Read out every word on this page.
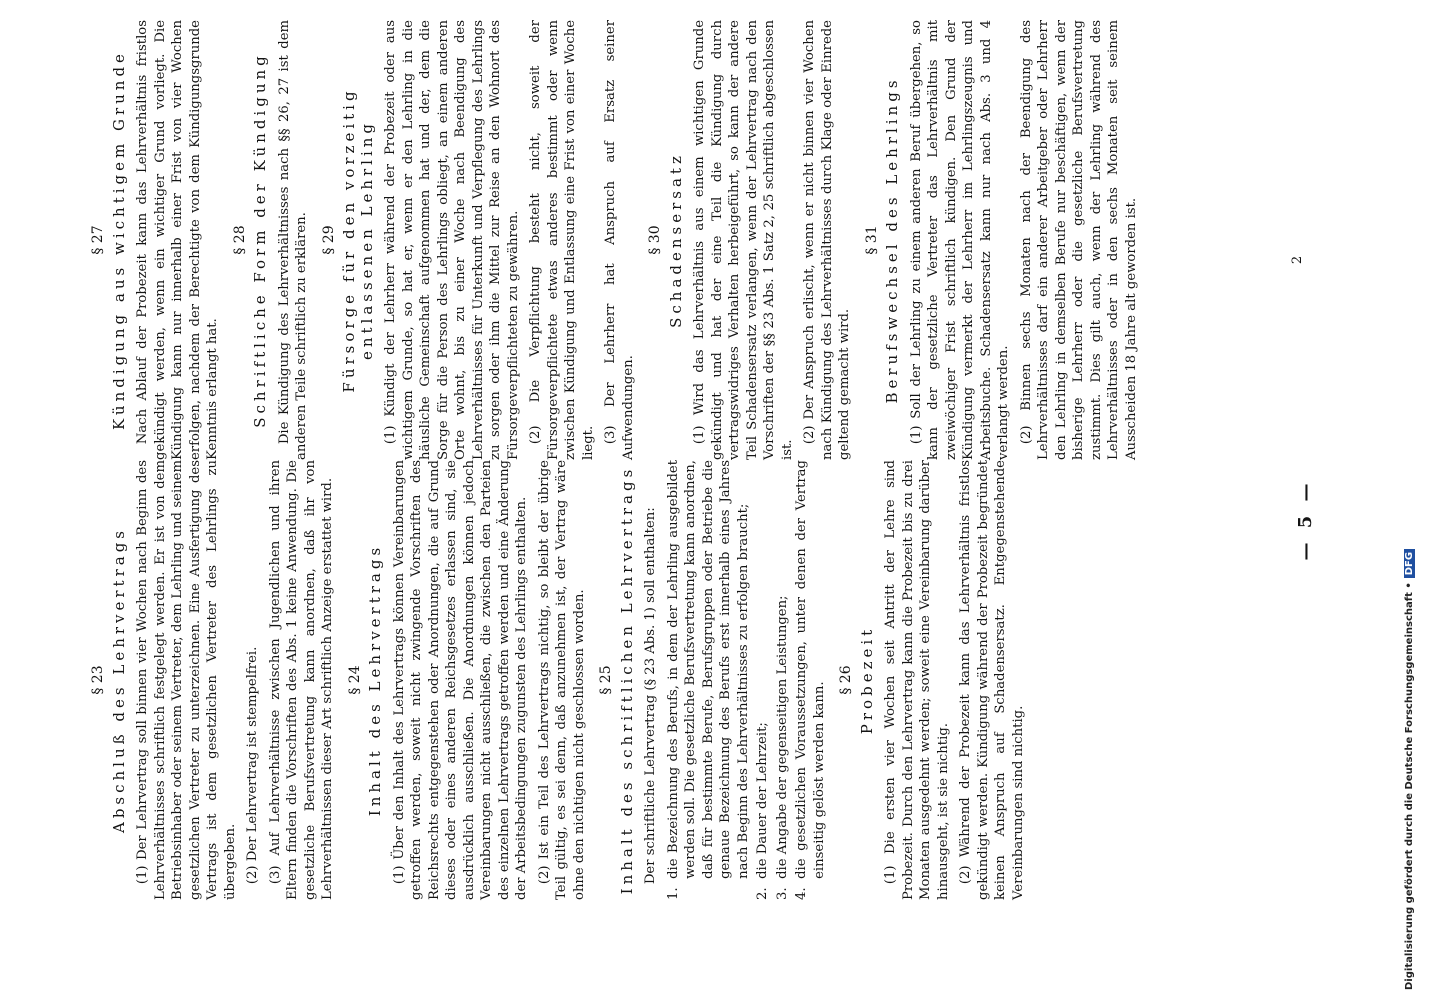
— 5 —
§ 23 Abschluß des Lehrvertrags (1) Der Lehrvertrag soll binnen vier Wochen nach Beginn des Lehrverhältnisses schriftlich festgelegt werden. Er ist von dem Betriebsinhaber oder seinem Vertreter, dem Lehrling und seinem gesetzlichen Vertreter zu unterzeichnen. Eine Ausfertigung des Vertrags ist dem gesetzlichen Vertreter des Lehrlings zu übergeben. (2) Der Lehrvertrag ist stempelfrei. (3) Auf Lehrverhältnisse zwischen Jugendlichen und ihren Eltern finden die Vorschriften des Abs. 1 keine Anwendung. Die gesetzliche Berufsvertretung kann anordnen, daß ihr von Lehrverhältnissen dieser Art schriftlich Anzeige erstattet wird. § 24 Inhalt des Lehrvertrags (1) Über den Inhalt des Lehrvertrags können Vereinbarungen getroffen werden, soweit nicht zwingende Vorschriften des Reichsrechts entgegenstehen oder Anordnungen, die auf Grund dieses oder eines anderen Reichsgesetzes erlassen sind, sie ausdrücklich ausschließen. Die Anordnungen können jedoch Vereinbarungen nicht ausschließen, die zwischen den Parteien des einzelnen Lehrvertrags getroffen werden und eine Änderung der Arbeitsbedingungen zugunsten des Lehrlings enthalten. (2) Ist ein Teil des Lehrvertrags nichtig, so bleibt der übrige Teil gültig, es sei denn, daß anzunehmen ist, der Vertrag wäre ohne den nichtigen nicht geschlossen worden. § 25 Inhalt des schriftlichen Lehrvertrags Der schriftliche Lehrvertrag (§ 23 Abs. 1) soll enthalten:

1.
die Bezeichnung des Berufs, in dem der Lehrling ausgebildet werden soll. Die gesetzliche Berufsvertretung kann anordnen, daß für bestimmte Berufe, Berufsgruppen oder Betriebe die genaue Bezeichnung des Berufs erst innerhalb eines Jahres nach Beginn des Lehrverhältnisses zu erfolgen braucht;
2.
die Dauer der Lehrzeit;
3.
die Angabe der gegenseitigen Leistungen;
4.
die gesetzlichen Voraussetzungen, unter denen der Vertrag einseitig gelöst werden kann.
§ 26 Probezeit (1) Die ersten vier Wochen seit Antritt der Lehre sind Probezeit. Durch den Lehrvertrag kann die Probezeit bis zu drei Monaten ausgedehnt werden; soweit eine Vereinbarung darüber hinausgeht, ist sie nichtig. (2) Während der Probezeit kann das Lehrverhältnis fristlos gekündigt werden. Kündigung während der Probezeit begründet keinen Anspruch auf Schadensersatz. Entgegenstehende Vereinbarungen sind nichtig.

§ 27 Kündigung aus wichtigem Grunde Nach Ablauf der Probezeit kann das Lehrverhältnis fristlos gekündigt werden, wenn ein wichtiger Grund vorliegt. Die Kündigung kann nur innerhalb einer Frist von vier Wochen erfolgen, nachdem der Berechtigte von dem Kündigungsgrunde Kenntnis erlangt hat.

§ 28 Schriftliche Form der Kündigung Die Kündigung des Lehrverhältnisses nach §§ 26, 27 ist dem anderen Teile schriftlich zu erklären. § 29 Fürsorge für den vorzeitig entlassenen Lehrling (1) Kündigt der Lehrherr während der Probezeit oder aus wichtigem Grunde, so hat er, wenn er den Lehrling in die häusliche Gemeinschaft aufgenommen hat und der, dem die Sorge für die Person des Lehrlings obliegt, an einem anderen Orte wohnt, bis zu einer Woche nach Beendigung des Lehrverhältnisses für Unterkunft und Verpflegung des Lehrlings zu sorgen oder ihm die Mittel zur Reise an den Wohnort des Fürsorgeverpflichteten zu gewähren. (2) Die Verpflichtung besteht nicht, soweit der Fürsorgeverpflichtete etwas anderes bestimmt oder wenn zwischen Kündigung und Entlassung eine Frist von einer Woche liegt. (3) Der Lehrherr hat Anspruch auf Ersatz seiner Aufwendungen.

§ 30 Schadensersatz (1) Wird das Lehrverhältnis aus einem wichtigen Grunde gekündigt und hat der eine Teil die Kündigung durch vertragswidriges Verhalten herbeigeführt, so kann der andere Teil Schadensersatz verlangen, wenn der Lehrvertrag nach den Vorschriften der §§ 23 Abs. 1 Satz 2, 25 schriftlich abgeschlossen ist.

(2) Der Anspruch erlischt, wenn er nicht binnen vier Wochen nach Kündigung des Lehrverhältnisses durch Klage oder Einrede geltend gemacht wird.

§ 31 Berufswechsel des Lehrlings (1) Soll der Lehrling zu einem anderen Beruf übergehen, so kann der gesetzliche Vertreter das Lehrverhältnis mit zweiwöchiger Frist schriftlich kündigen. Den Grund der Kündigung vermerkt der Lehrherr im Lehrlingszeugnis und Arbeitsbuche. Schadensersatz kann nur nach Abs. 3 und 4 verlangt werden. (2) Binnen sechs Monaten nach der Beendigung des Lehrverhältnisses darf ein anderer Arbeitgeber oder Lehrherr den Lehrling in demselben Berufe nur beschäftigen, wenn der bisherige Lehrherr oder die gesetzliche Berufsvertretung zustimmt. Dies gilt auch, wenn der Lehrling während des Lehrverhältnisses oder in den sechs Monaten seit seinem Ausscheiden 18 Jahre alt geworden ist.	2
Digitalisierung gefördert durch die Deutsche Forschungsgemeinschaft •DFG
